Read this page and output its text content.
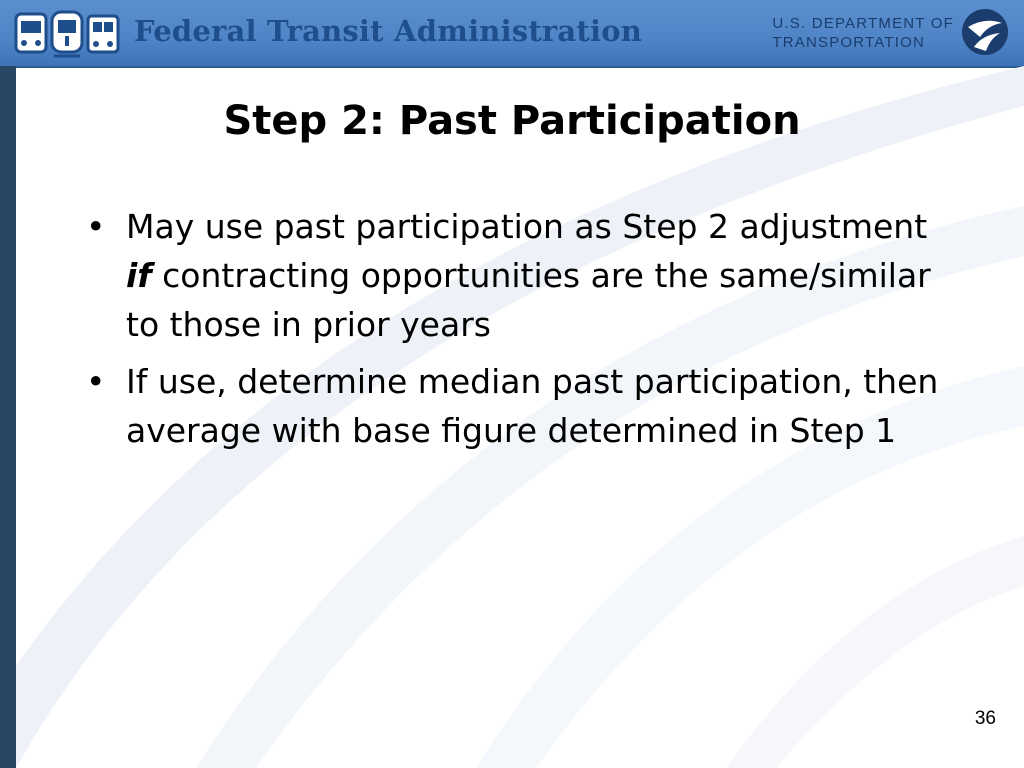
Federal Transit Administration	U.S. DEPARTMENT OF
TRANSPORTATION
Step 2: Past Participation
• May use past participation as Step 2 adjustment if contracting opportunities are the same/similar to those in prior years
• If use, determine median past participation, then average with base figure determined in Step 1
36
